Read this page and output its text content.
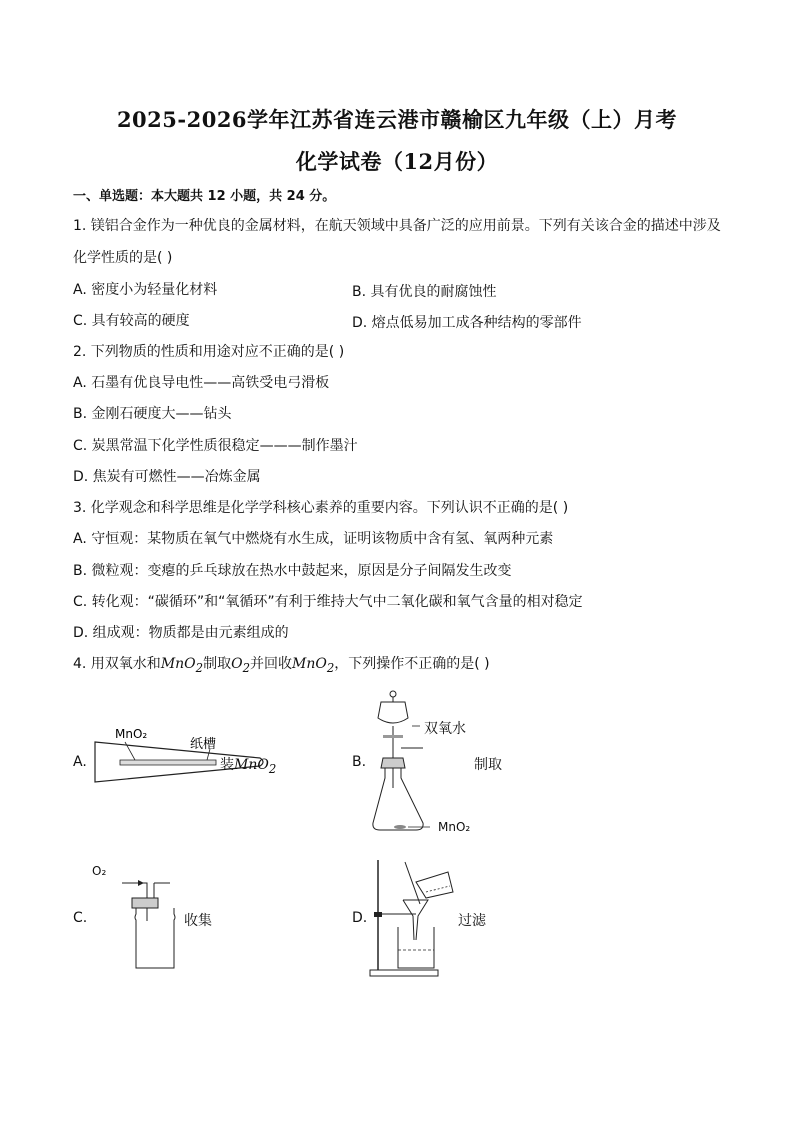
2025-2026学年江苏省连云港市赣榆区九年级（上）月考
化学试卷（12月份）
一、单选题：本大题共 12 小题，共 24 分。
1. 镁铝合金作为一种优良的金属材料，在航天领域中具备广泛的应用前景。下列有关该合金的描述中涉及
化学性质的是( )
A. 密度小为轻量化材料	B. 具有优良的耐腐蚀性
C. 具有较高的硬度	D. 熔点低易加工成各种结构的零部件
2. 下列物质的性质和用途对应不正确的是( )
A. 石墨有优良导电性——高铁受电弓滑板
B. 金刚石硬度大——钻头
C. 炭黑常温下化学性质很稳定———制作墨汁
D. 焦炭有可燃性——冶炼金属
3. 化学观念和科学思维是化学学科核心素养的重要内容。下列认识不正确的是( )
A. 守恒观：某物质在氧气中燃烧有水生成，证明该物质中含有氢、氧两种元素
B. 微粒观：变瘪的乒乓球放在热水中鼓起来，原因是分子间隔发生改变
C. 转化观：“碳循环”和“氧循环”有利于维持大气中二氧化碳和氧气含量的相对稳定
D. 组成观：物质都是由元素组成的
4. 用双氧水和MnO$_2$制取$O_2$并回收MnO$_2$，下列操作不正确的是( )
A.
MnO₂
纸槽
装MnO$_2$	B.
双氧水
MnO₂
制取
C.
O₂
收集	D.	过滤
